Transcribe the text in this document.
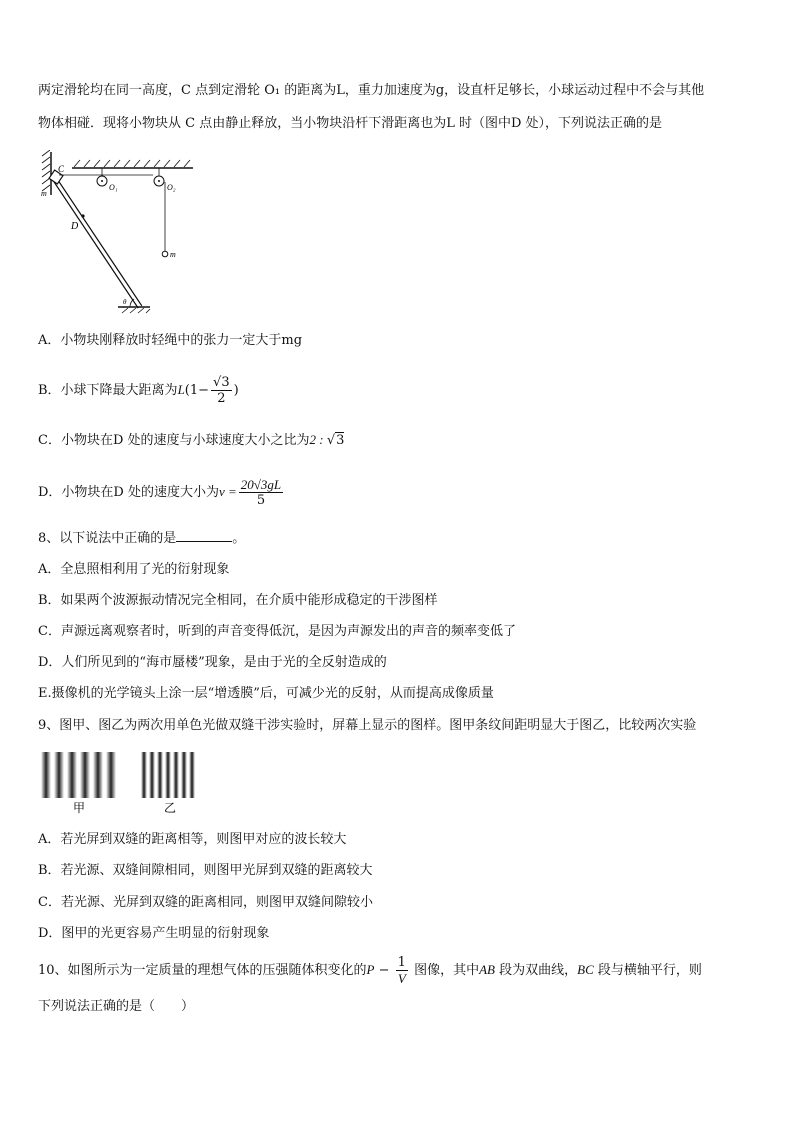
两定滑轮均在同一高度，C 点到定滑轮 O₁ 的距离为L，重力加速度为g，设直杆足够长，小球运动过程中不会与其他
物体相碰．现将小物块从 C 点由静止释放，当小物块沿杆下滑距离也为L 时（图中D 处），下列说法正确的是
C
m
O₁	O₂
D
m
θ
A．小物块刚释放时轻绳中的张力一定大于mg
B．小球下降最大距离为$L(1- \frac{√3}{2}$ )
C．小物块在D 处的速度与小球速度大小之比为2 : √3
D．小物块在D 处的速度大小为$v = \frac{20√3gL}{5}$
8、以下说法中正确的是	。
A．全息照相利用了光的衍射现象
B．如果两个波源振动情况完全相同，在介质中能形成稳定的干涉图样
C．声源远离观察者时，听到的声音变得低沉，是因为声源发出的声音的频率变低了
D．人们所见到的“海市蜃楼”现象，是由于光的全反射造成的
E.摄像机的光学镜头上涂一层“增透膜”后，可减少光的反射，从而提高成像质量
9、图甲、图乙为两次用单色光做双缝干涉实验时，屏幕上显示的图样。图甲条纹间距明显大于图乙，比较两次实验
甲	乙
A．若光屏到双缝的距离相等，则图甲对应的波长较大
B．若光源、双缝间隙相同，则图甲光屏到双缝的距离较大
C．若光源、光屏到双缝的距离相同，则图甲双缝间隙较小
D．图甲的光更容易产生明显的衍射现象
10、如图所示为一定质量的理想气体的压强随体积变化的$P - \frac{1}{V}$ 图像，其中AB 段为双曲线，BC 段与横轴平行，则
下列说法正确的是（　　）
